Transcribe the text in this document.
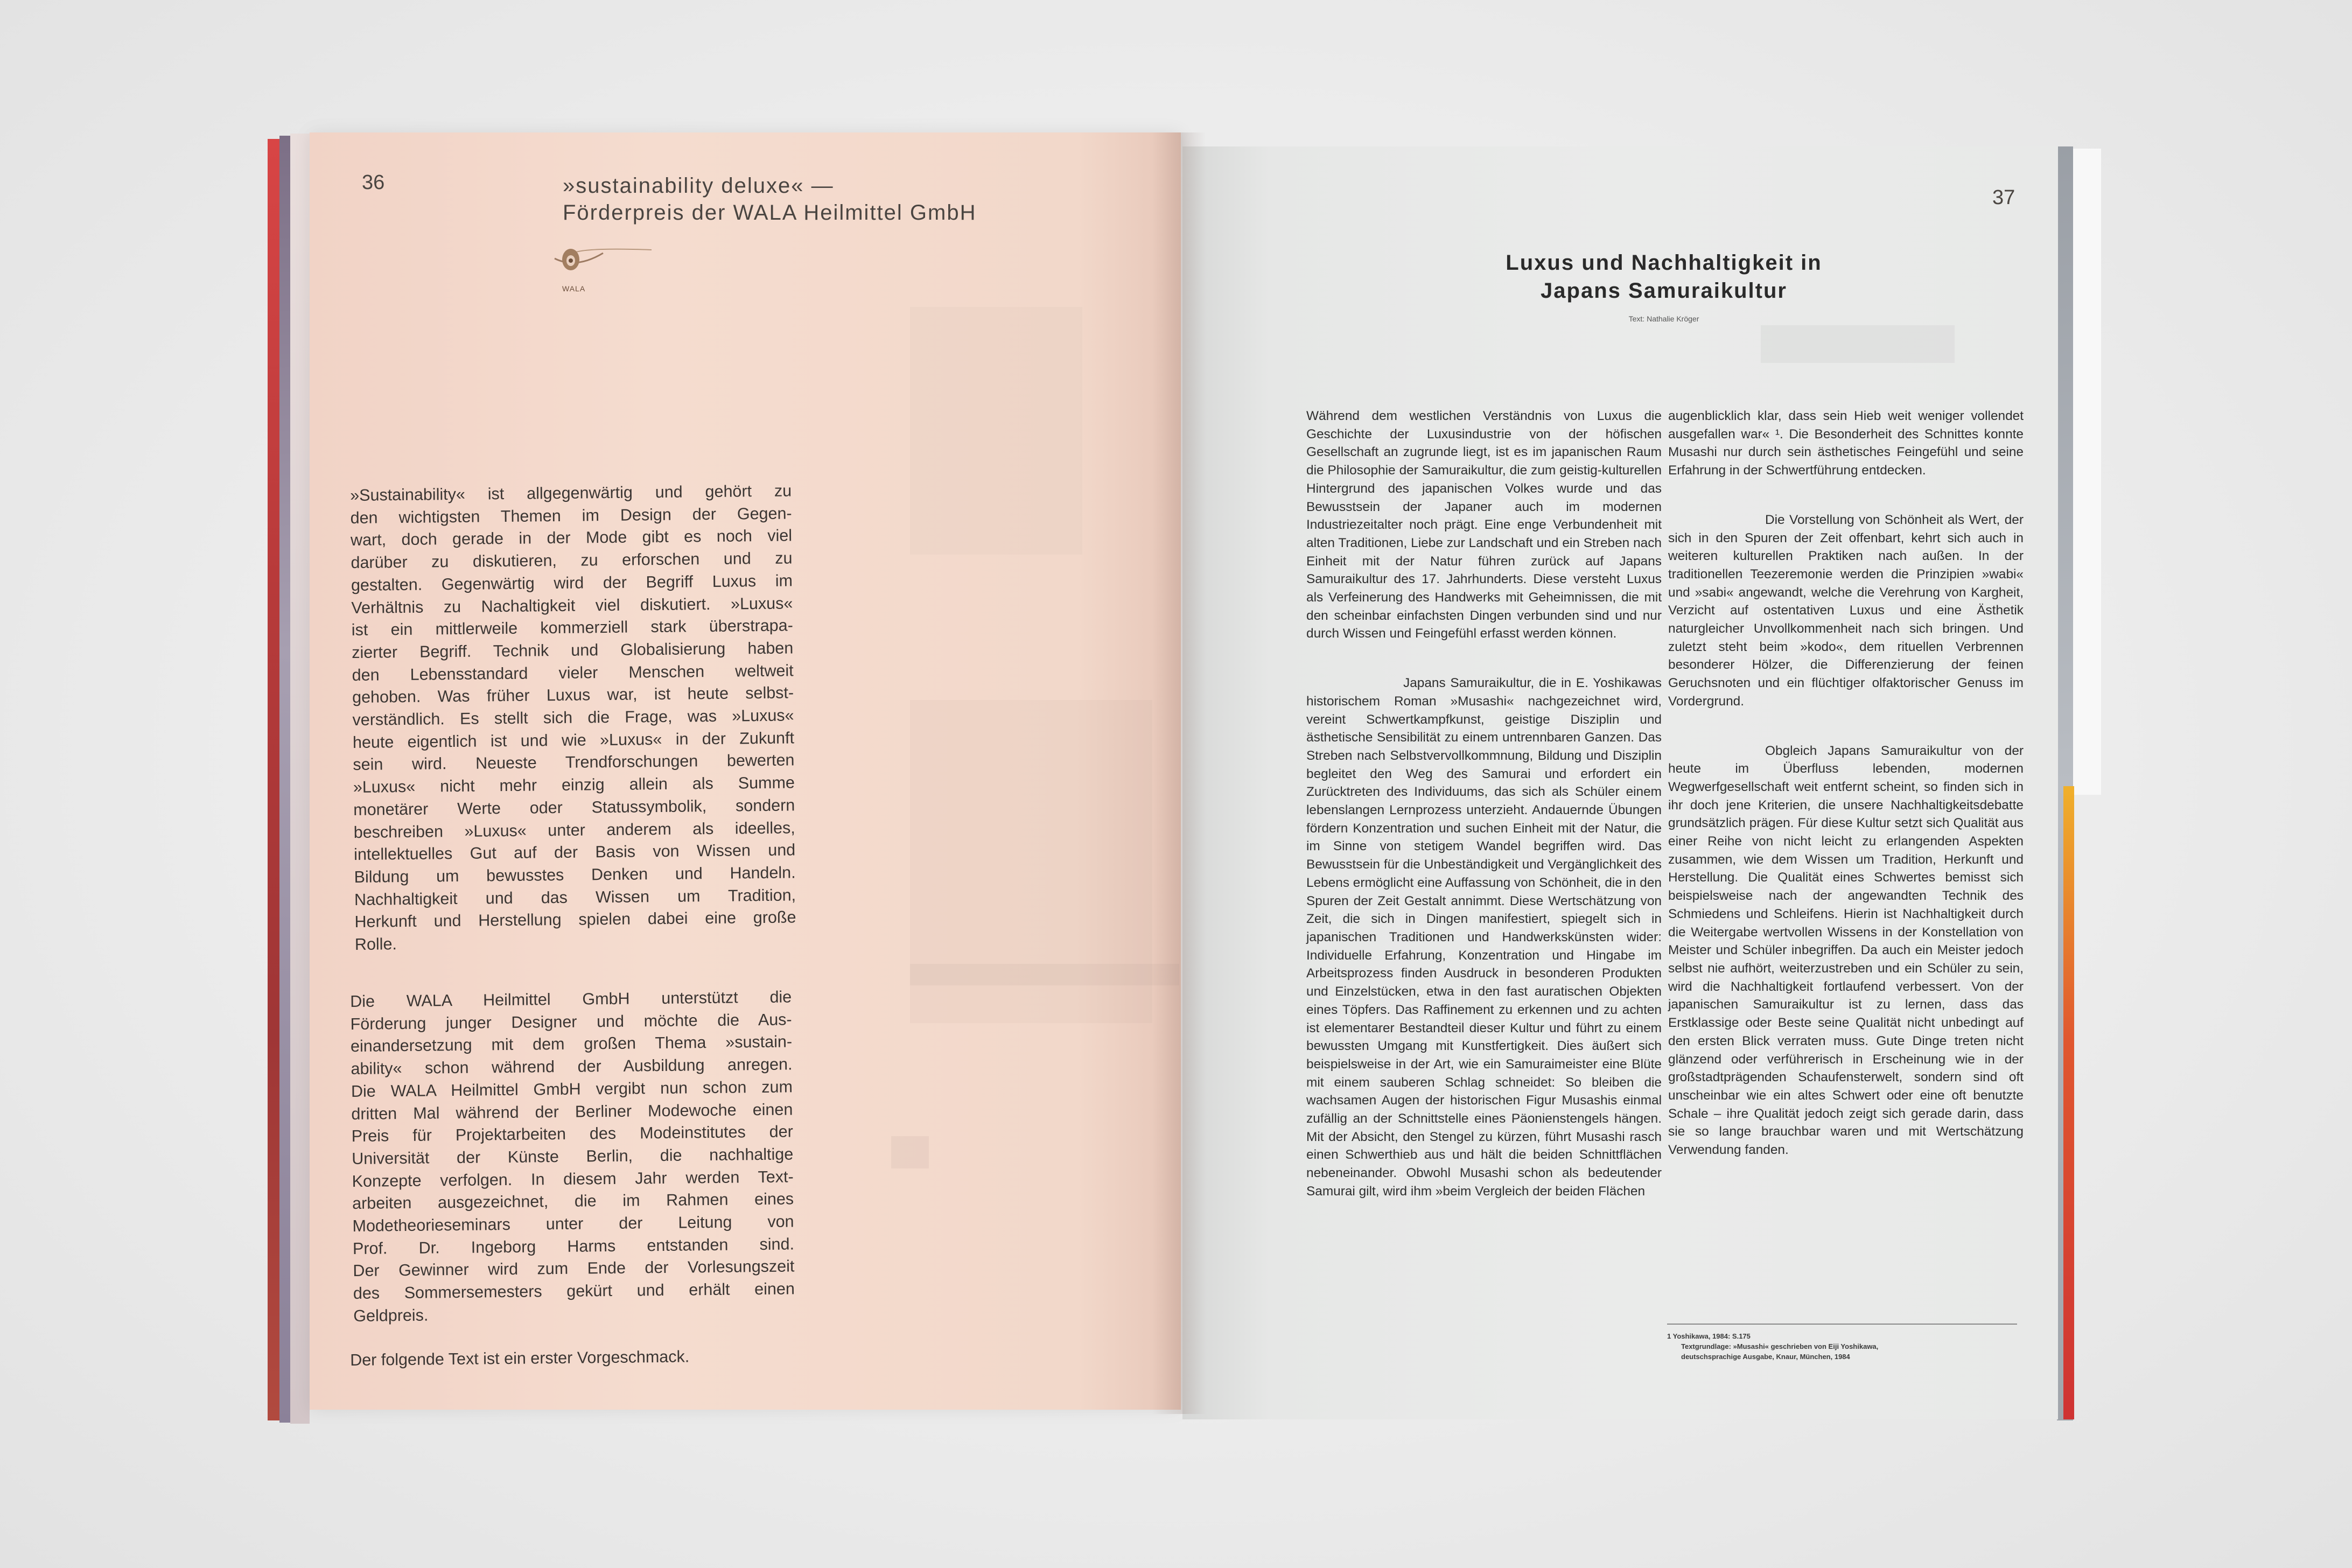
36	»sustainability deluxe« —
Förderpreis der WALA Heilmittel GmbH
WALA
»Sustainability« ist allgegenwärtig und gehört zu
den wichtigsten Themen im Design der Gegen-
wart, doch gerade in der Mode gibt es noch viel
darüber zu diskutieren, zu erforschen und zu
gestalten. Gegenwärtig wird der Begriff Luxus im
Verhältnis zu Nachaltigkeit viel diskutiert. »Luxus«
ist ein mittlerweile kommerziell stark überstrapa-
zierter Begriff. Technik und Globalisierung haben
den Lebensstandard vieler Menschen weltweit
gehoben. Was früher Luxus war, ist heute selbst-
verständlich. Es stellt sich die Frage, was »Luxus«
heute eigentlich ist und wie »Luxus« in der Zukunft
sein wird. Neueste Trendforschungen bewerten
»Luxus« nicht mehr einzig allein als Summe
monetärer Werte oder Statussymbolik, sondern
beschreiben »Luxus« unter anderem als ideelles,
intellektuelles Gut auf der Basis von Wissen und
Bildung um bewusstes Denken und Handeln.
Nachhaltigkeit und das Wissen um Tradition,
Herkunft und Herstellung spielen dabei eine große
Rolle.
Die WALA Heilmittel GmbH unterstützt die
Förderung junger Designer und möchte die Aus-
einandersetzung mit dem großen Thema »sustain-
ability« schon während der Ausbildung anregen.
Die WALA Heilmittel GmbH vergibt nun schon zum
dritten Mal während der Berliner Modewoche einen
Preis für Projektarbeiten des Modeinstitutes der
Universität der Künste Berlin, die nachhaltige
Konzepte verfolgen. In diesem Jahr werden Text-
arbeiten ausgezeichnet, die im Rahmen eines
Modetheorieseminars unter der Leitung von
Prof. Dr. Ingeborg Harms entstanden sind.
Der Gewinner wird zum Ende der Vorlesungszeit
des Sommersemesters gekürt und erhält einen
Geldpreis.
Der folgende Text ist ein erster Vorgeschmack.
37
Luxus und Nachhaltigkeit in
Japans Samuraikultur
Text: Nathalie Kröger

Während dem westlichen Verständnis von Luxus die Geschichte der Luxusindustrie von der höfischen Gesellschaft an zugrunde liegt, ist es im japanischen Raum die Philosophie der Samuraikultur, die zum geistig-kulturellen Hintergrund des japanischen Volkes wurde und das Bewusstsein der Japaner auch im modernen Industriezeitalter noch prägt. Eine enge Verbundenheit mit alten Traditionen, Liebe zur Landschaft und ein Streben nach Einheit mit der Natur führen zurück auf Japans Samuraikultur des 17. Jahrhunderts. Diese versteht Luxus als Verfeinerung des Handwerks mit Geheimnissen, die mit den scheinbar einfachsten Dingen verbunden sind und nur durch Wissen und Feingefühl erfasst werden können.

Japans Samuraikultur, die in E. Yoshikawas historischem Roman »Musashi« nachgezeichnet wird, vereint Schwertkampfkunst, geistige Disziplin und ästhetische Sensibilität zu einem untrennbaren Ganzen. Das Streben nach Selbstvervollkommnung, Bildung und Disziplin begleitet den Weg des Samurai und erfordert ein Zurücktreten des Individuums, das sich als Schüler einem lebenslangen Lernprozess unterzieht. Andauernde Übungen fördern Konzentration und suchen Einheit mit der Natur, die im Sinne von stetigem Wandel begriffen wird. Das Bewusstsein für die Unbeständigkeit und Vergänglichkeit des Lebens ermöglicht eine Auffassung von Schönheit, die in den Spuren der Zeit Gestalt annimmt. Diese Wertschätzung von Zeit, die sich in Dingen manifestiert, spiegelt sich in japanischen Traditionen und Handwerkskünsten wider: Individuelle Erfahrung, Konzentration und Hingabe im Arbeitsprozess finden Ausdruck in besonderen Produkten und Einzelstücken, etwa in den fast auratischen Objekten eines Töpfers. Das Raffinement zu erkennen und zu achten ist elementarer Bestandteil dieser Kultur und führt zu einem bewussten Umgang mit Kunstfertigkeit. Dies äußert sich beispielsweise in der Art, wie ein Samuraimeister eine Blüte mit einem sauberen Schlag schneidet: So bleiben die wachsamen Augen der historischen Figur Musashis einmal zufällig an der Schnittstelle eines Päonienstengels hängen. Mit der Absicht, den Stengel zu kürzen, führt Musashi rasch einen Schwerthieb aus und hält die beiden Schnittflächen nebeneinander. Obwohl Musashi schon als bedeutender Samurai gilt, wird ihm »beim Vergleich der beiden Flächen

augenblicklich klar, dass sein Hieb weit weniger vollendet ausgefallen war« ¹. Die Besonderheit des Schnittes konnte Musashi nur durch sein ästhetisches Feingefühl und seine Erfahrung in der Schwertführung entdecken.

Die Vorstellung von Schönheit als Wert, der sich in den Spuren der Zeit offenbart, kehrt sich auch in weiteren kulturellen Praktiken nach außen. In der traditionellen Teezeremonie werden die Prinzipien »wabi« und »sabi« angewandt, welche die Verehrung von Kargheit, Verzicht auf ostentativen Luxus und eine Ästhetik naturgleicher Unvollkommenheit nach sich bringen. Und zuletzt steht beim »kodo«, dem rituellen Verbrennen besonderer Hölzer, die Differenzierung der feinen Geruchsnoten und ein flüchtiger olfaktorischer Genuss im Vordergrund.

Obgleich Japans Samuraikultur von der heute im Überfluss lebenden, modernen Wegwerfgesellschaft weit entfernt scheint, so finden sich in ihr doch jene Kriterien, die unsere Nachhaltigkeitsdebatte grundsätzlich prägen. Für diese Kultur setzt sich Qualität aus einer Reihe von nicht leicht zu erlangenden Aspekten zusammen, wie dem Wissen um Tradition, Herkunft und Herstellung. Die Qualität eines Schwertes bemisst sich beispielsweise nach der angewandten Technik des Schmiedens und Schleifens. Hierin ist Nachhaltigkeit durch die Weitergabe wertvollen Wissens in der Konstellation von Meister und Schüler inbegriffen. Da auch ein Meister jedoch selbst nie aufhört, weiterzustreben und ein Schüler zu sein, wird die Nachhaltigkeit fortlaufend verbessert. Von der japanischen Samuraikultur ist zu lernen, dass das Erstklassige oder Beste seine Qualität nicht unbedingt auf den ersten Blick verraten muss. Gute Dinge treten nicht glänzend oder verführerisch in Erscheinung wie in der großstadtprägenden Schaufensterwelt, sondern sind oft unscheinbar wie ein altes Schwert oder eine oft benutzte Schale – ihre Qualität jedoch zeigt sich gerade darin, dass sie so lange brauchbar waren und mit Wertschätzung Verwendung fanden.

1 Yoshikawa, 1984: S.175
Textgrundlage: »Musashi« geschrieben von Eiji Yoshikawa,
deutschsprachige Ausgabe, Knaur, München, 1984
